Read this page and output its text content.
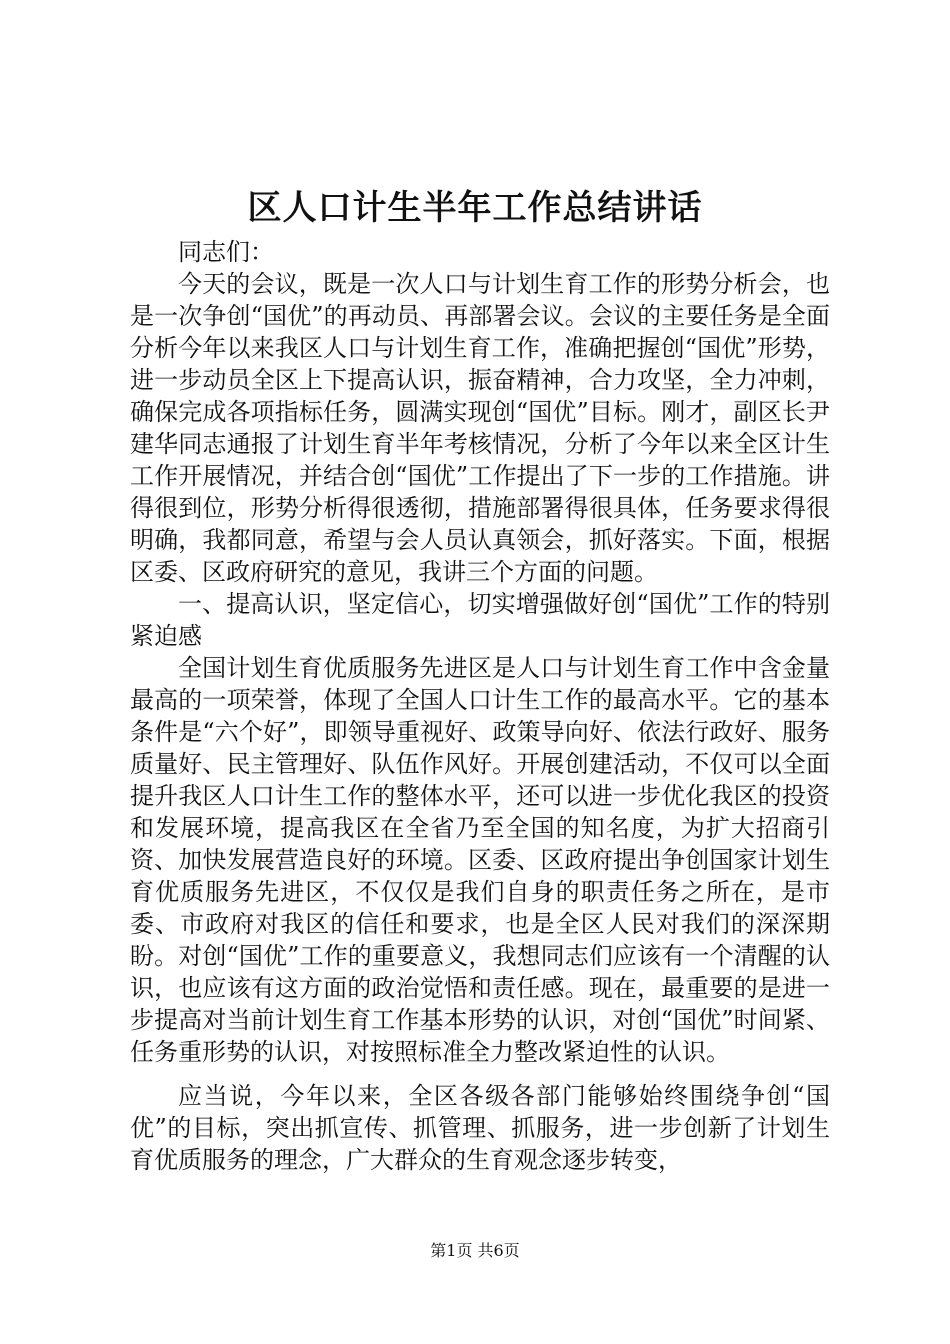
区人口计生半年工作总结讲话

同志们：

今天的会议，既是一次人口与计划生育工作的形势分析会，也是一次争创“国优”的再动员、再部署会议。会议的主要任务是全面分析今年以来我区人口与计划生育工作，准确把握创“国优”形势，进一步动员全区上下提高认识，振奋精神，合力攻坚，全力冲刺，确保完成各项指标任务，圆满实现创“国优”目标。刚才，副区长尹建华同志通报了计划生育半年考核情况，分析了今年以来全区计生工作开展情况，并结合创“国优”工作提出了下一步的工作措施。讲得很到位，形势分析得很透彻，措施部署得很具体，任务要求得很明确，我都同意，希望与会人员认真领会，抓好落实。下面，根据区委、区政府研究的意见，我讲三个方面的问题。

一、提高认识，坚定信心，切实增强做好创“国优”工作的特别紧迫感

全国计划生育优质服务先进区是人口与计划生育工作中含金量最高的一项荣誉，体现了全国人口计生工作的最高水平。它的基本条件是“六个好”，即领导重视好、政策导向好、依法行政好、服务质量好、民主管理好、队伍作风好。开展创建活动，不仅可以全面提升我区人口计生工作的整体水平，还可以进一步优化我区的投资和发展环境，提高我区在全省乃至全国的知名度，为扩大招商引资、加快发展营造良好的环境。区委、区政府提出争创国家计划生育优质服务先进区，不仅仅是我们自身的职责任务之所在，是市委、市政府对我区的信任和要求，也是全区人民对我们的深深期盼。对创“国优”工作的重要意义，我想同志们应该有一个清醒的认识，也应该有这方面的政治觉悟和责任感。现在，最重要的是进一步提高对当前计划生育工作基本形势的认识，对创“国优”时间紧、任务重形势的认识，对按照标准全力整改紧迫性的认识。

应当说，今年以来，全区各级各部门能够始终围绕争创“国优”的目标，突出抓宣传、抓管理、抓服务，进一步创新了计划生育优质服务的理念，广大群众的生育观念逐步转变，

第1页 共6页
